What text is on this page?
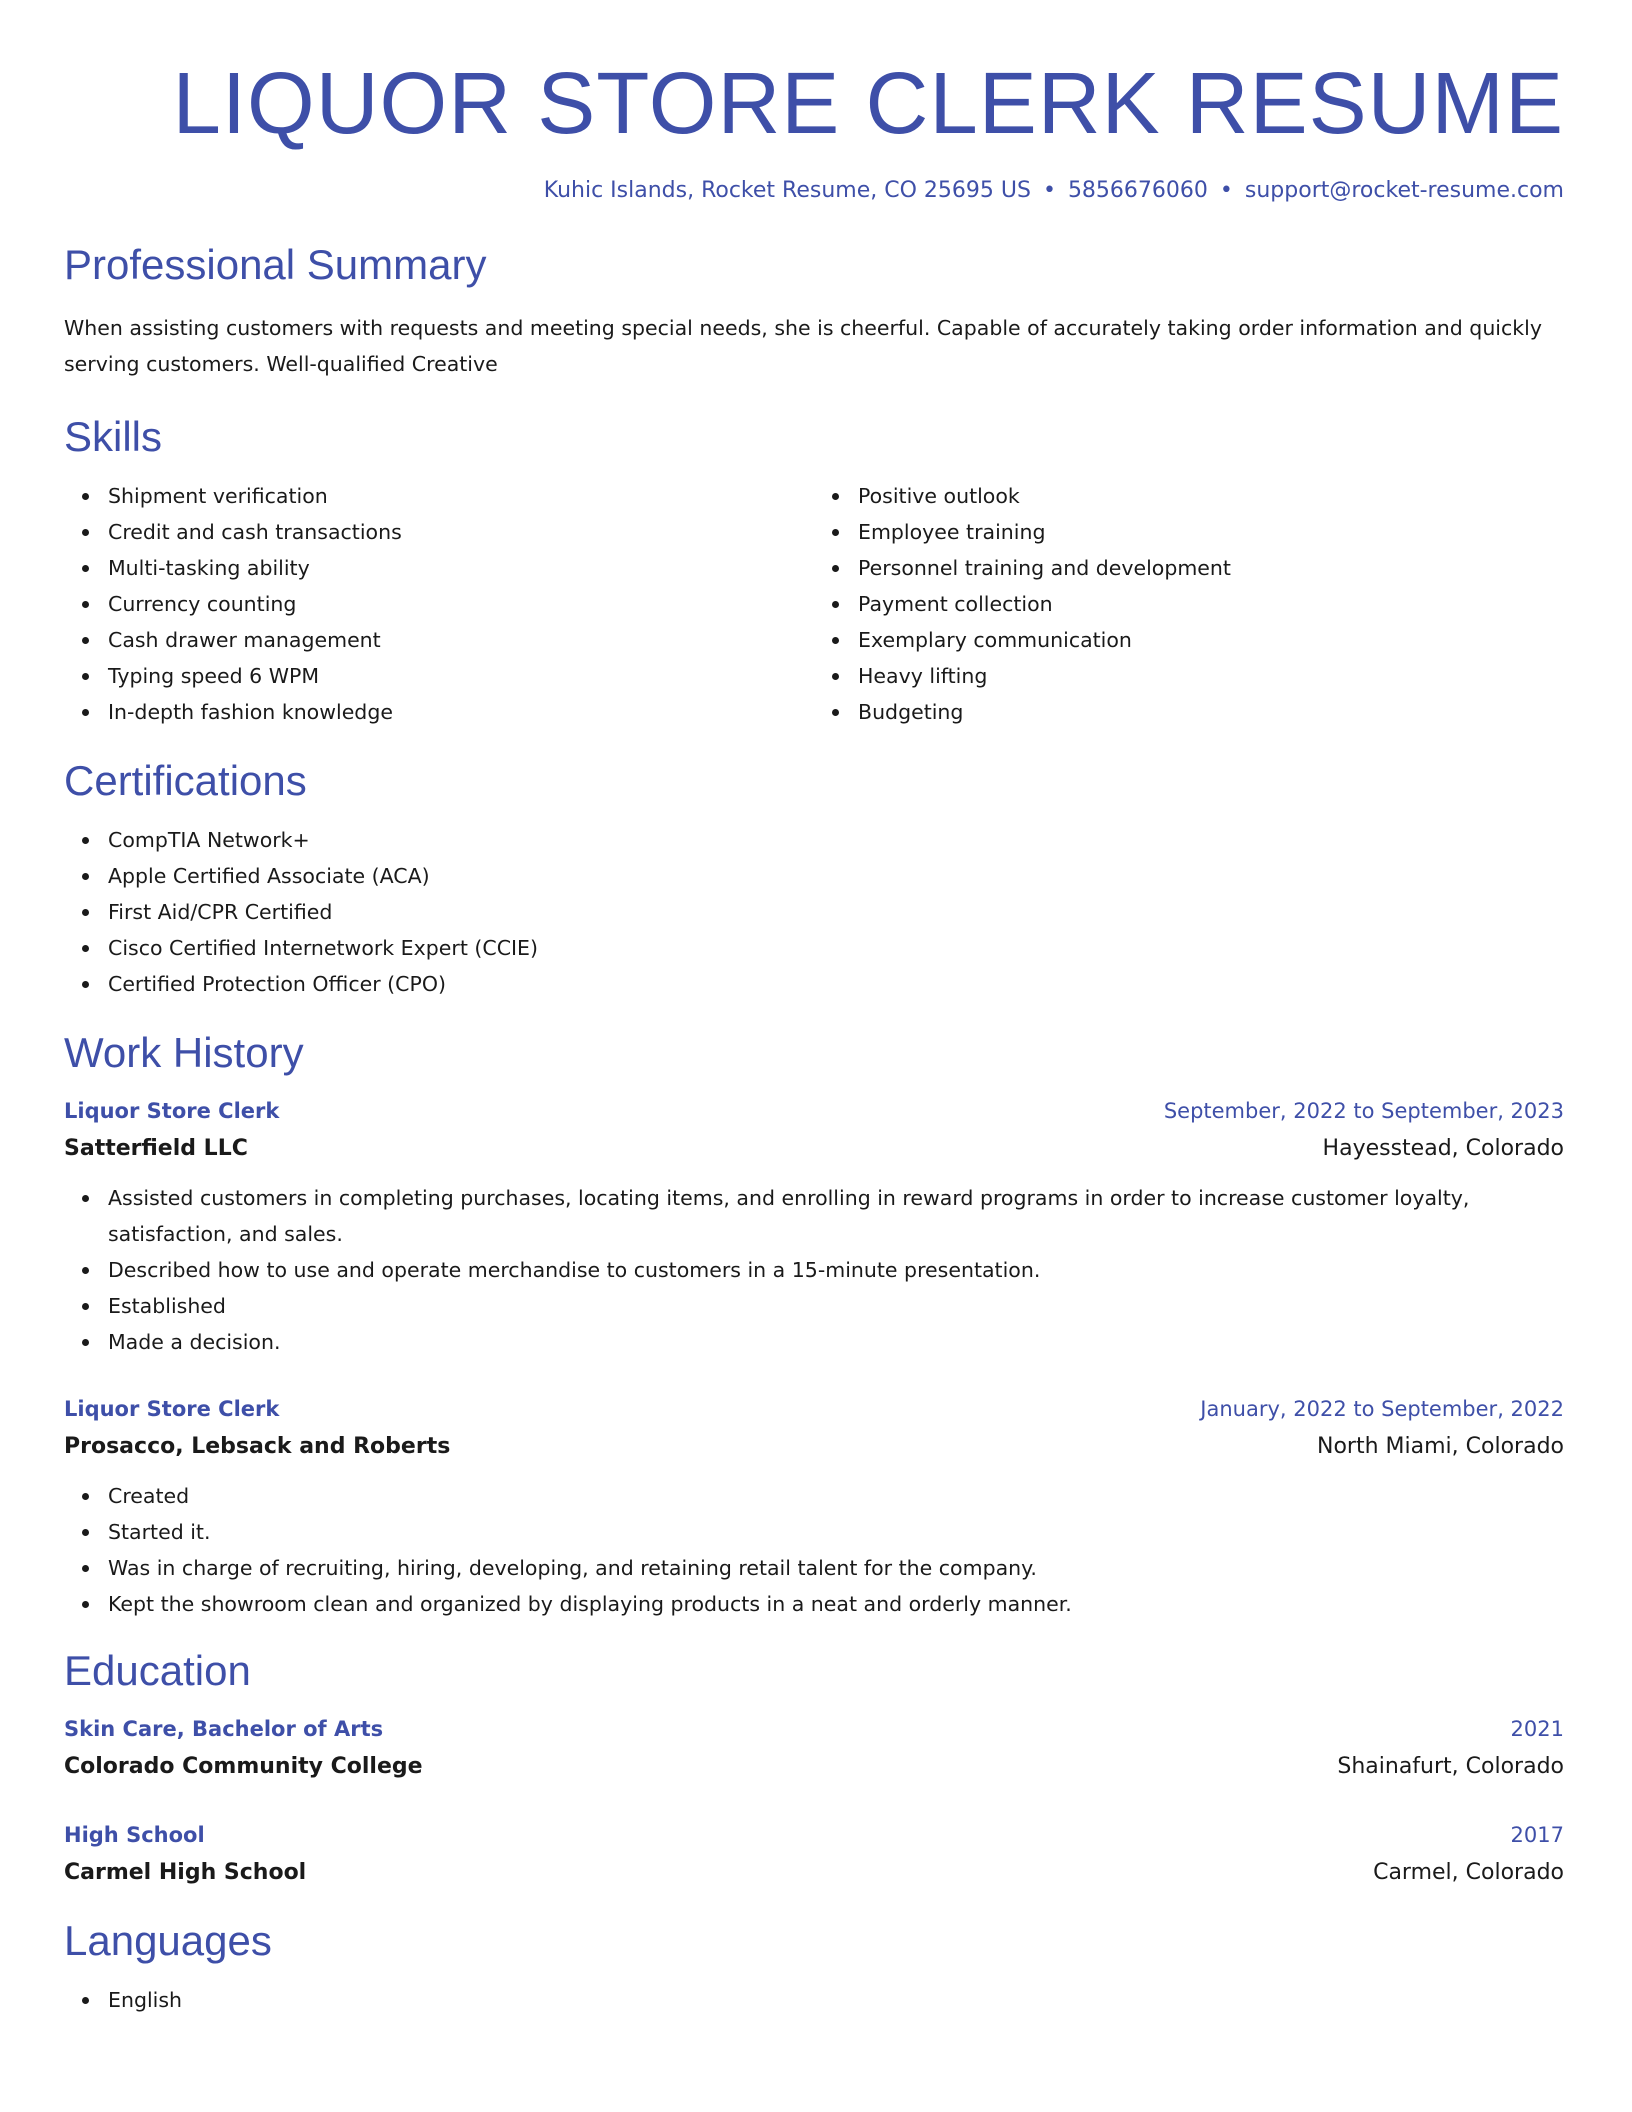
LIQUOR STORE CLERK RESUME
Kuhic Islands, Rocket Resume, CO 25695 US • 5856676060 • support@rocket-resume.com
Professional Summary

When assisting customers with requests and meeting special needs, she is cheerful. Capable of accurately taking order information and quickly serving customers. Well-qualified Creative

Skills
Shipment verification
Credit and cash transactions
Multi-tasking ability
Currency counting
Cash drawer management
Typing speed 6 WPM
In-depth fashion knowledge
Positive outlook
Employee training
Personnel training and development
Payment collection
Exemplary communication
Heavy lifting
Budgeting
Certifications
CompTIA Network+
Apple Certified Associate (ACA)
First Aid/CPR Certified
Cisco Certified Internetwork Expert (CCIE)
Certified Protection Officer (CPO)
Work History
Liquor Store Clerk	September, 2022 to September, 2023
Satterfield LLC	Hayesstead, Colorado
Assisted customers in completing purchases, locating items, and enrolling in reward programs in order to increase customer loyalty, satisfaction, and sales.
Described how to use and operate merchandise to customers in a 15-minute presentation.
Established
Made a decision.
Liquor Store Clerk	January, 2022 to September, 2022
Prosacco, Lebsack and Roberts	North Miami, Colorado
Created
Started it.
Was in charge of recruiting, hiring, developing, and retaining retail talent for the company.
Kept the showroom clean and organized by displaying products in a neat and orderly manner.
Education
Skin Care, Bachelor of Arts	2021
Colorado Community College	Shainafurt, Colorado
High School	2017
Carmel High School	Carmel, Colorado
Languages
English
